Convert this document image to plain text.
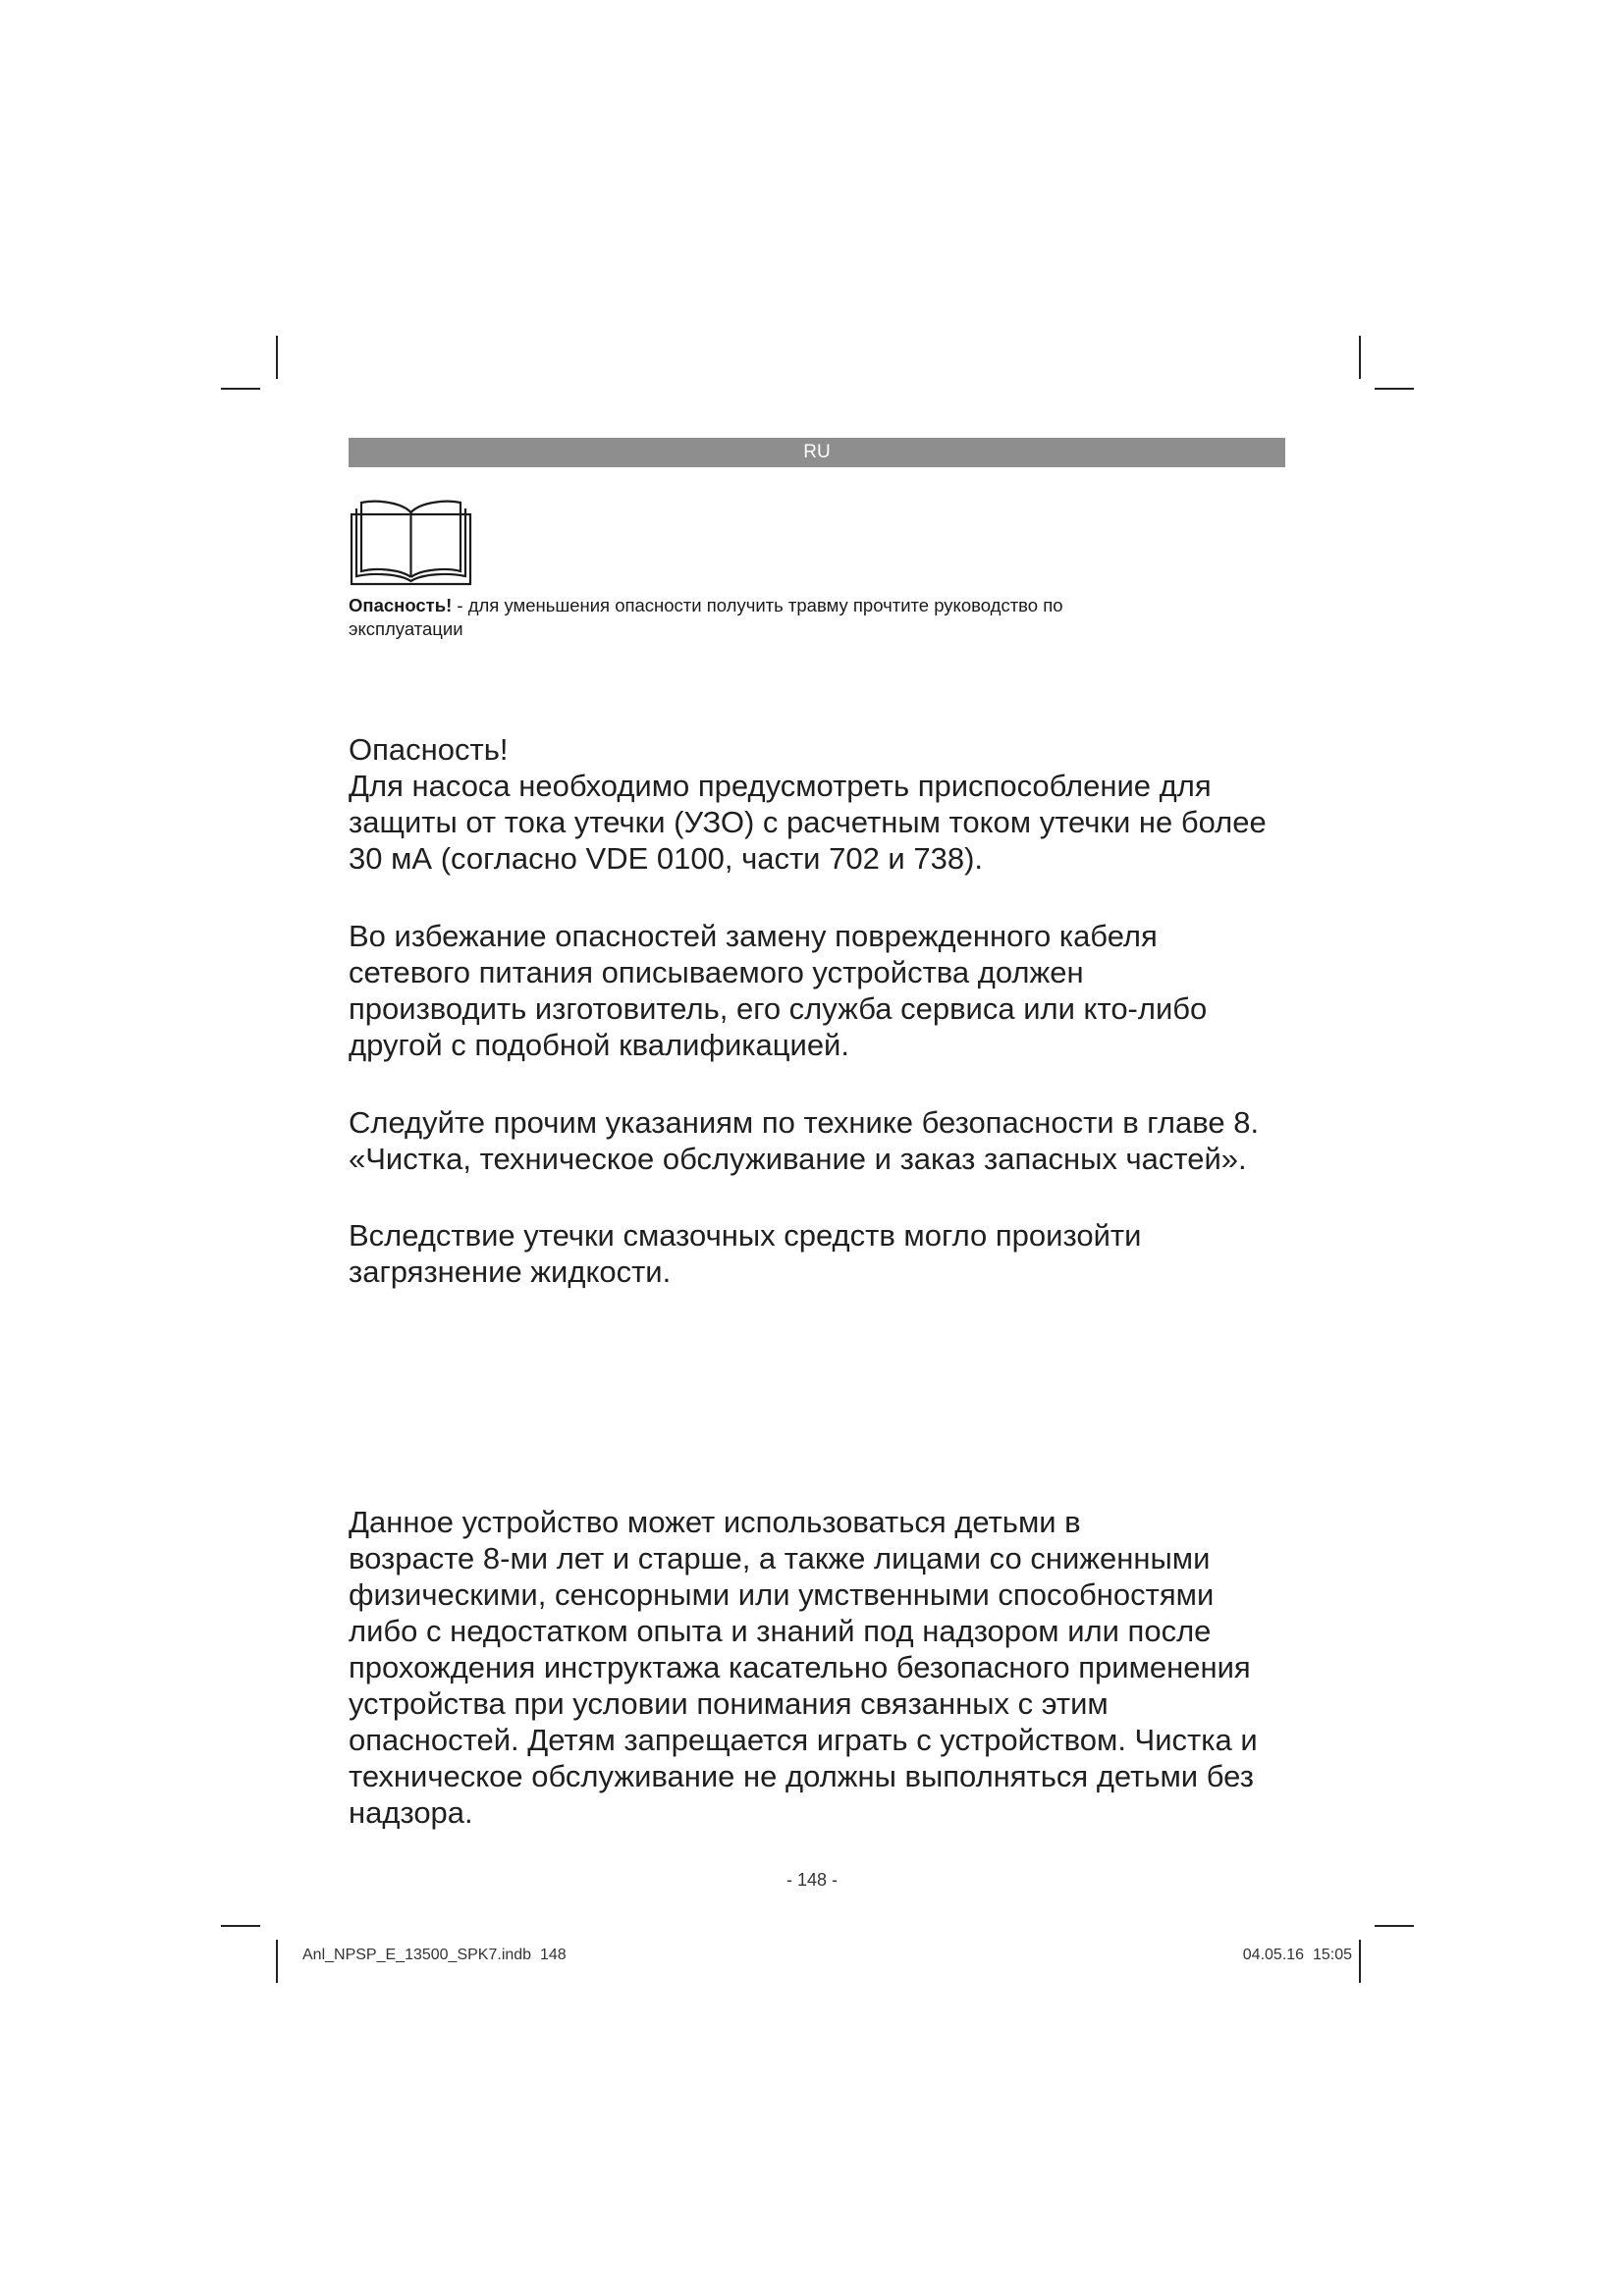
RU
Опасность! - для уменьшения опасности получить травму прочтите руководство по
эксплуатации

Опасность!

Для насоса необходимо предусмотреть приспособление для

защиты от тока утечки (УЗО) с расчетным током утечки не более

30 мА (согласно VDE 0100, части 702 и 738).

Во избежание опасностей замену поврежденного кабеля

сетевого питания описываемого устройства должен

производить изготовитель, его служба сервиса или кто-либо

другой с подобной квалификацией.

Следуйте прочим указаниям по технике безопасности в главе 8.

«Чистка, техническое обслуживание и заказ запасных частей».

Вследствие утечки смазочных средств могло произойти

загрязнение жидкости.

Данное устройство может использоваться детьми в

возрасте 8-ми лет и старше, а также лицами со сниженными

физическими, сенсорными или умственными способностями

либо с недостатком опыта и знаний под надзором или после

прохождения инструктажа касательно безопасного применения

устройства при условии понимания связанных с этим

опасностей. Детям запрещается играть с устройством. Чистка и

техническое обслуживание не должны выполняться детьми без

надзора.

- 148 -
Anl_NPSP_E_13500_SPK7.indb 148	04.05.16 15:05
